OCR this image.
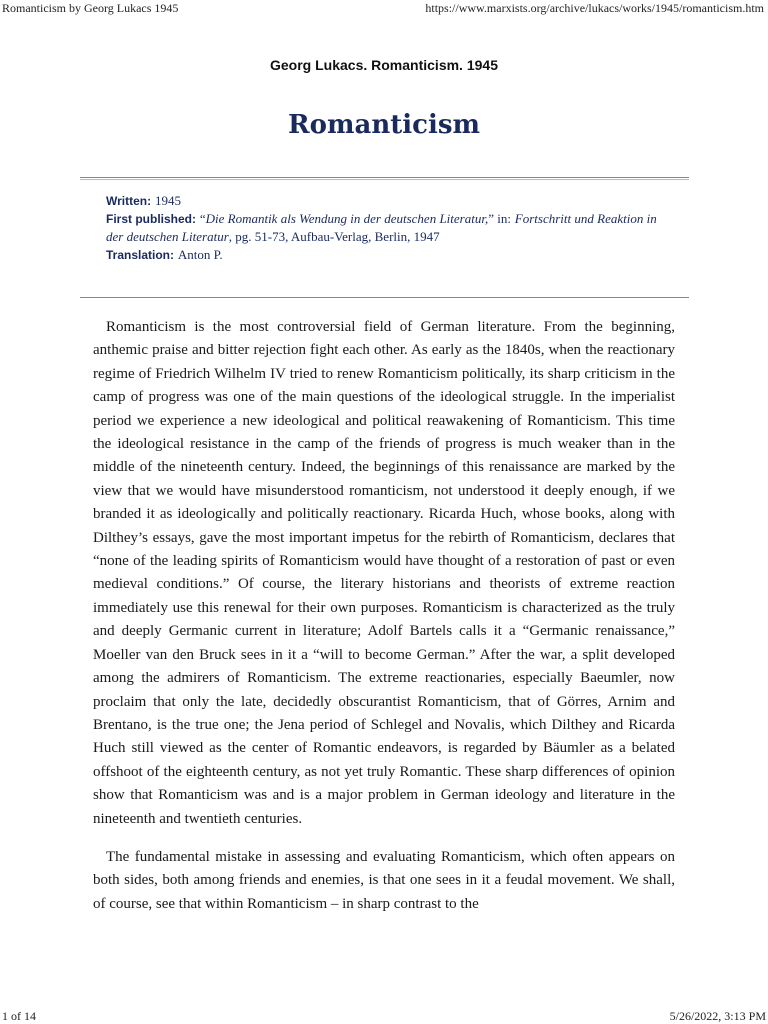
Romanticism by Georg Lukacs 1945	https://www.marxists.org/archive/lukacs/works/1945/romanticism.htm
Georg Lukacs. Romanticism. 1945
Romanticism
Written: 1945
First published: “Die Romantik als Wendung in der deutschen Literatur,” in: Fortschritt und Reaktion in der deutschen Literatur, pg. 51-73, Aufbau-Verlag, Berlin, 1947
Translation: Anton P.

Romanticism is the most controversial field of German literature. From the beginning, anthemic praise and bitter rejection fight each other. As early as the 1840s, when the reactionary regime of Friedrich Wilhelm IV tried to renew Romanticism politically, its sharp criticism in the camp of progress was one of the main questions of the ideological struggle. In the imperialist period we experience a new ideological and political reawakening of Romanticism. This time the ideological resistance in the camp of the friends of progress is much weaker than in the middle of the nineteenth century. Indeed, the beginnings of this renaissance are marked by the view that we would have misunderstood romanticism, not understood it deeply enough, if we branded it as ideologically and politically reactionary. Ricarda Huch, whose books, along with Dilthey’s essays, gave the most important impetus for the rebirth of Romanticism, declares that “none of the leading spirits of Romanticism would have thought of a restoration of past or even medieval conditions.” Of course, the literary historians and theorists of extreme reaction immediately use this renewal for their own purposes. Romanticism is characterized as the truly and deeply Germanic current in literature; Adolf Bartels calls it a “Germanic renaissance,” Moeller van den Bruck sees in it a “will to become German.” After the war, a split developed among the admirers of Romanticism. The extreme reactionaries, especially Baeumler, now proclaim that only the late, decidedly obscurantist Romanticism, that of Görres, Arnim and Brentano, is the true one; the Jena period of Schlegel and Novalis, which Dilthey and Ricarda Huch still viewed as the center of Romantic endeavors, is regarded by Bäumler as a belated offshoot of the eighteenth century, as not yet truly Romantic. These sharp differences of opinion show that Romanticism was and is a major problem in German ideology and literature in the nineteenth and twentieth centuries.

The fundamental mistake in assessing and evaluating Romanticism, which often appears on both sides, both among friends and enemies, is that one sees in it a feudal movement. We shall, of course, see that within Romanticism – in sharp contrast to the

1 of 14	5/26/2022, 3:13 PM
